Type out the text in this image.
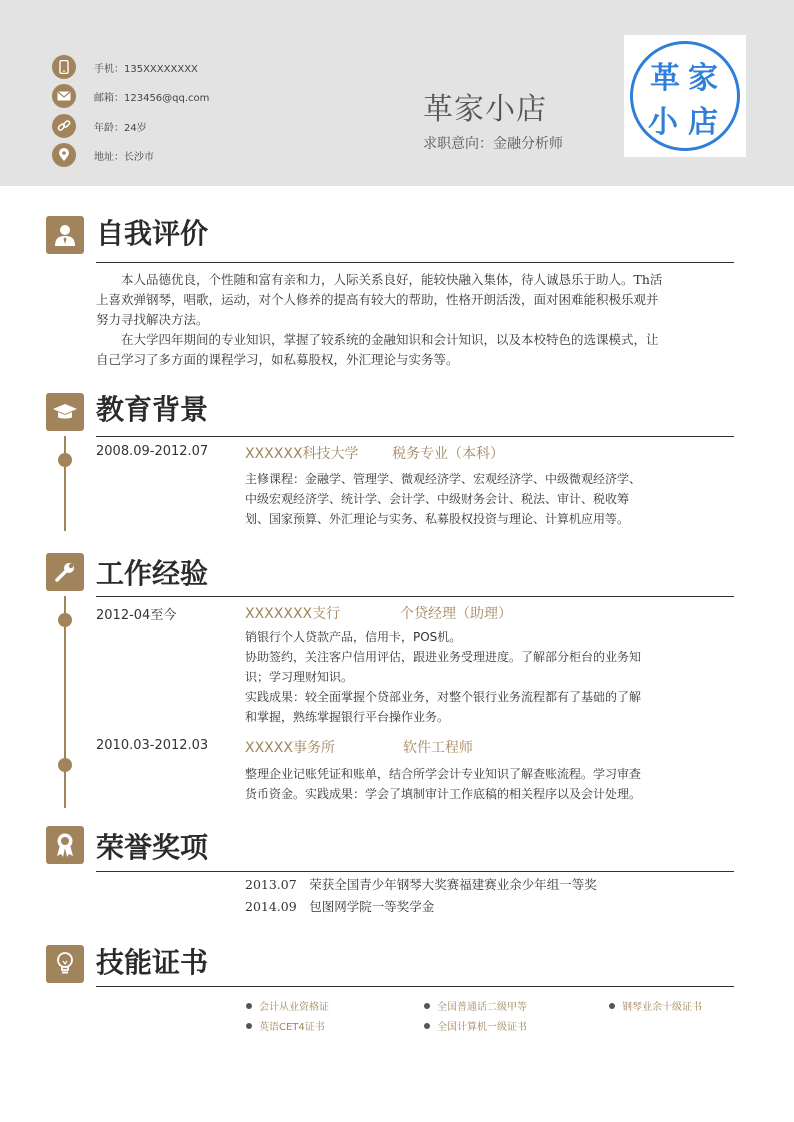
手机：135XXXXXXXX
邮箱：123456@qq.com
年龄：24岁
地址：长沙市
革家小店
求职意向：金融分析师
革 家
小 店
自我评价
　　本人品德优良，个性随和富有亲和力，人际关系良好，能较快融入集体，待人诚恳乐于助人。Th活
上喜欢弹钢琴，唱歌，运动，对个人修养的提高有较大的帮助，性格开朗活泼，面对困难能积极乐观并
努力寻找解决方法。
　　在大学四年期间的专业知识，掌握了较系统的金融知识和会计知识，以及本校特色的选课模式，让
自己学习了多方面的课程学习，如私募股权，外汇理论与实务等。
教育背景
2008.09-2012.07	XXXXXX科技大学 税务专业（本科）
主修课程：金融学、管理学、微观经济学、宏观经济学、中级微观经济学、
中级宏观经济学、统计学、会计学、中级财务会计、税法、审计、税收筹
划、国家预算、外汇理论与实务、私募股权投资与理论、计算机应用等。
工作经验
2012-04至今	XXXXXXX支行	个贷经理（助理）
销银行个人贷款产品，信用卡，POS机。
协助签约，关注客户信用评估，跟进业务受理进度。了解部分柜台的业务知
识；学习理财知识。
实践成果：较全面掌握个贷部业务，对整个银行业务流程都有了基础的了解
和掌握，熟练掌握银行平台操作业务。
2010.03-2012.03	XXXXX事务所	软件工程师
整理企业记账凭证和账单，结合所学会计专业知识了解查账流程。学习审查
货币资金。实践成果：学会了填制审计工作底稿的相关程序以及会计处理。
荣誉奖项
2013.07　荣获全国青少年钢琴大奖赛福建赛业余少年组一等奖
2014.09　包图网学院一等奖学金
技能证书
会计从业资格证	全国普通话二级甲等	钢琴业余十级证书
英语CET4证书	全国计算机一级证书
